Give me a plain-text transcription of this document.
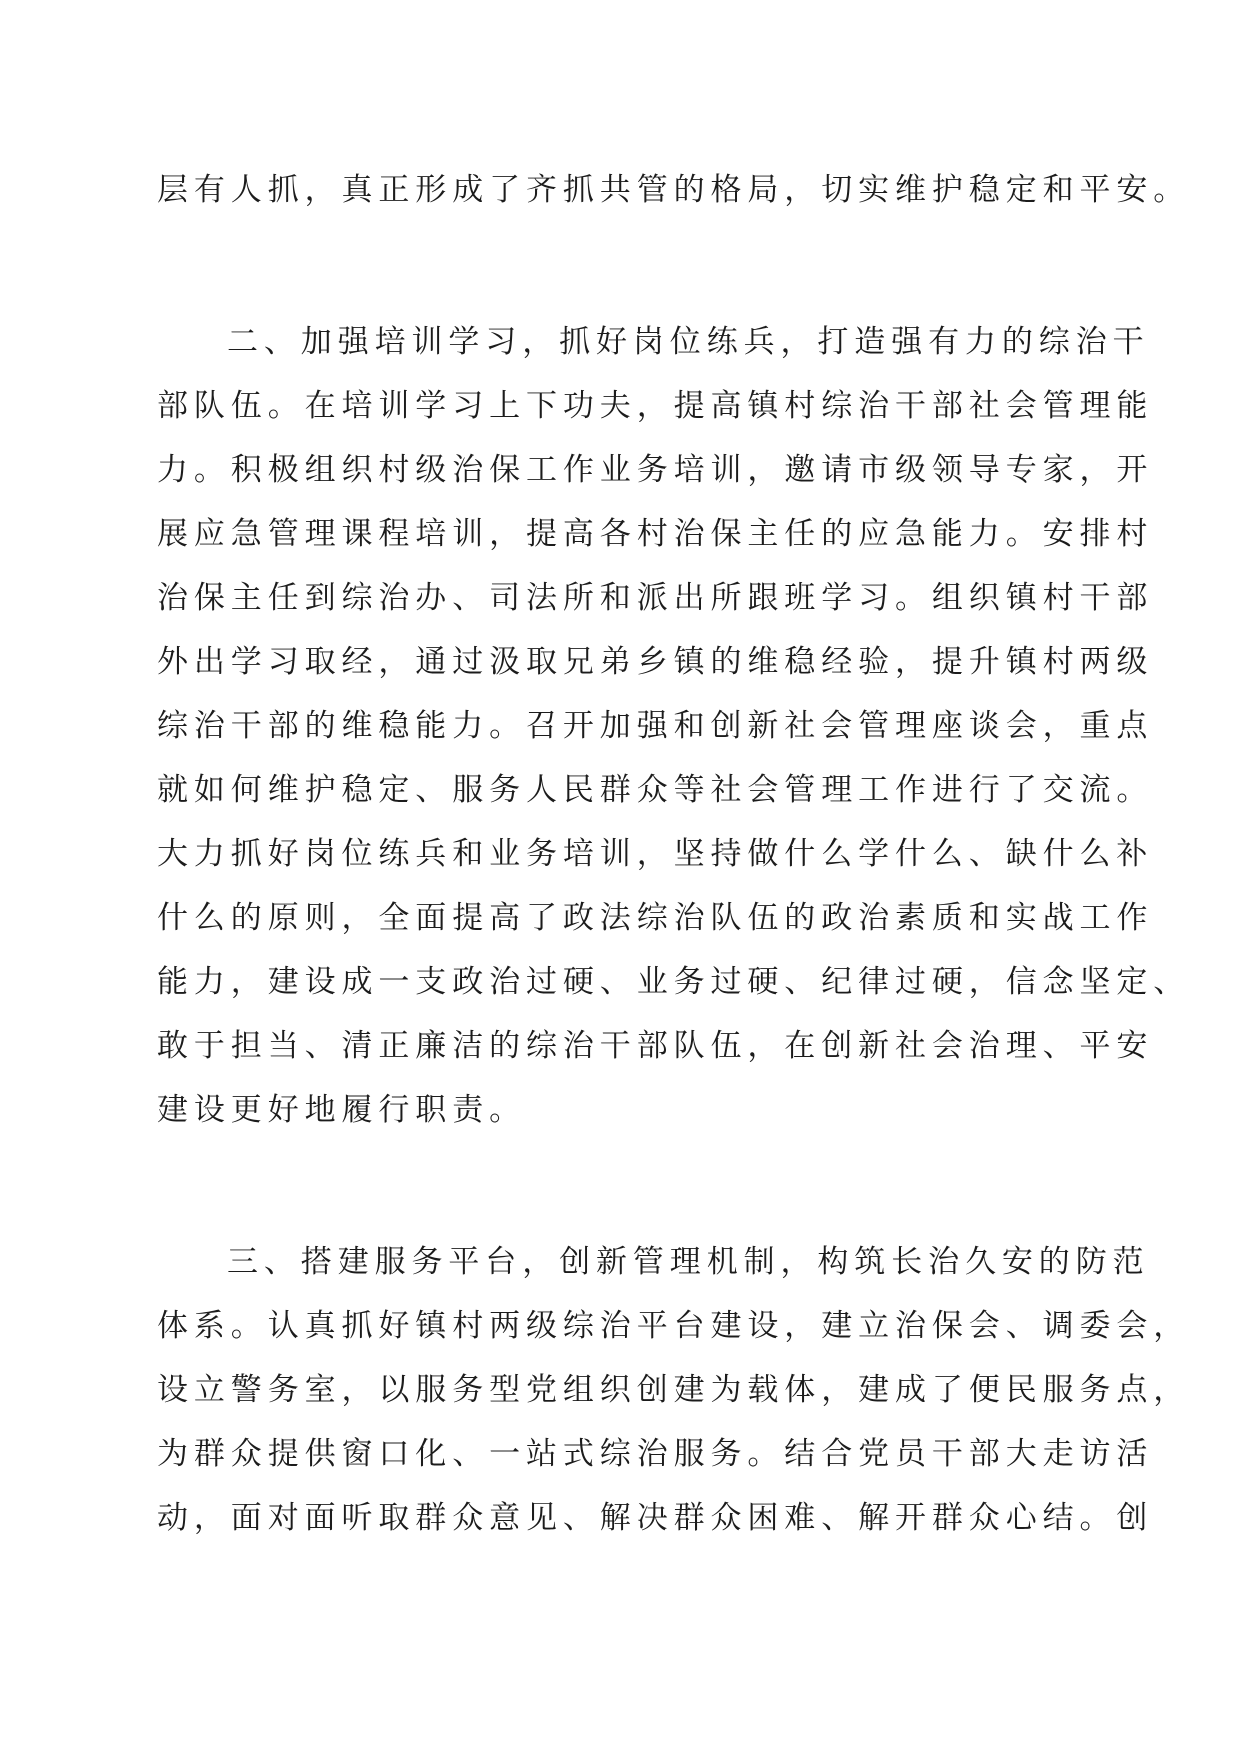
层有人抓，真正形成了齐抓共管的格局，切实维护稳定和平安。
二、加强培训学习，抓好岗位练兵，打造强有力的综治干
部队伍。在培训学习上下功夫，提高镇村综治干部社会管理能
力。积极组织村级治保工作业务培训，邀请市级领导专家，开
展应急管理课程培训，提高各村治保主任的应急能力。安排村
治保主任到综治办、司法所和派出所跟班学习。组织镇村干部
外出学习取经，通过汲取兄弟乡镇的维稳经验，提升镇村两级
综治干部的维稳能力。召开加强和创新社会管理座谈会，重点
就如何维护稳定、服务人民群众等社会管理工作进行了交流。
大力抓好岗位练兵和业务培训，坚持做什么学什么、缺什么补
什么的原则，全面提高了政法综治队伍的政治素质和实战工作
能力，建设成一支政治过硬、业务过硬、纪律过硬，信念坚定、
敢于担当、清正廉洁的综治干部队伍，在创新社会治理、平安
建设更好地履行职责。
三、搭建服务平台，创新管理机制，构筑长治久安的防范
体系。认真抓好镇村两级综治平台建设，建立治保会、调委会，
设立警务室，以服务型党组织创建为载体，建成了便民服务点，
为群众提供窗口化、一站式综治服务。结合党员干部大走访活
动，面对面听取群众意见、解决群众困难、解开群众心结。创
